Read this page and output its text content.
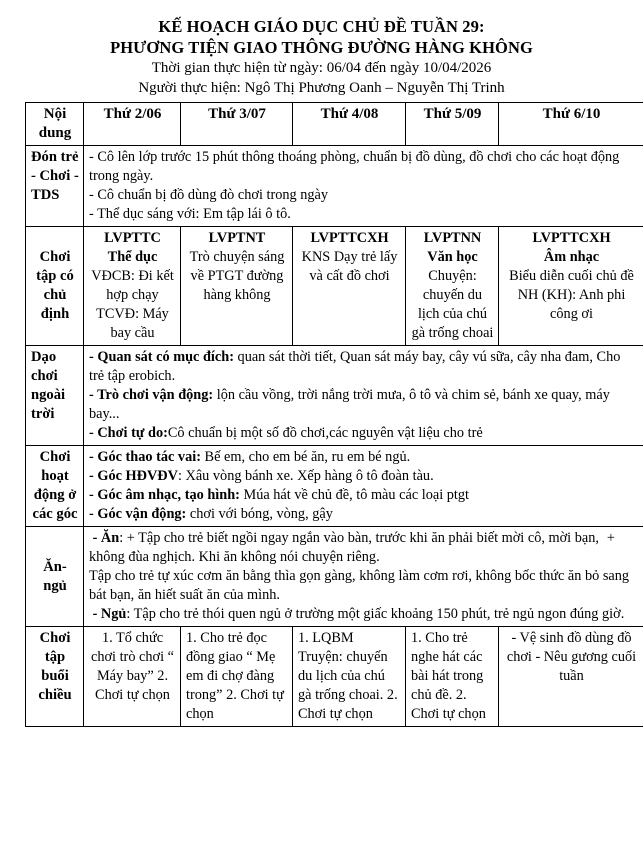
KẾ HOẠCH GIÁO DỤC CHỦ ĐỀ TUẦN 29:
PHƯƠNG TIỆN GIAO THÔNG ĐƯỜNG HÀNG KHÔNG
Thời gian thực hiện từ ngày: 06/04 đến ngày 10/04/2026
Người thực hiện: Ngô Thị Phương Oanh – Nguyễn Thị Trinh
Nội dung	Thứ 2/06	Thứ 3/07	Thứ 4/08	Thứ 5/09	Thứ 6/10
Đón trẻ - Chơi - TDS	- Cô lên lớp trước 15 phút thông thoáng phòng, chuẩn bị đồ dùng, đồ chơi cho các hoạt động trong ngày.
- Cô chuẩn bị đồ dùng đò chơi trong ngày
- Thể dục sáng với: Em tập lái ô tô.				

Chơi tập có chủ định	LVPTTC
Thể dục
VĐCB: Đi kết hợp chạy TCVĐ: Máy bay cầu	LVPTNT
Trò chuyện sáng về PTGT đường hàng không	LVPTTCXH
KNS Dạy trẻ lấy và cất đồ chơi	LVPTNN
Văn học
Chuyện: chuyến du lịch của chú gà trống choai	LVPTTCXH
Âm nhạc
Biểu diễn cuối chủ đề NH (KH): Anh phi công ơi
Dạo chơi ngoài trời	- Quan sát có mục đích: quan sát thời tiết, Quan sát máy bay, cây vú sữa, cây nha đam, Cho trẻ tập erobich.
- Trò chơi vận động: lộn cầu vồng, trời nắng trời mưa, ô tô và chim sẻ, bánh xe quay, máy bay...
- Chơi tự do:Cô chuẩn bị một số đồ chơi,các nguyên vật liệu cho trẻ				

Chơi hoạt động ở các góc	- Góc thao tác vai: Bế em, cho em bé ăn, ru em bé ngủ.
- Góc HĐVĐV: Xâu vòng bánh xe. Xếp hàng ô tô đoàn tàu.
- Góc âm nhạc, tạo hình: Múa hát về chủ đề, tô màu các loại ptgt
- Góc vận động: chơi với bóng, vòng, gậy				

Ăn- ngủ	+
- Ăn: + Tập cho trẻ biết ngồi ngay ngắn vào bàn, trước khi ăn phải biết mời cô, mời bạn, không đùa nghịch. Khi ăn không nói chuyện riêng.
Tập cho trẻ tự xúc cơm ăn bằng thìa gọn gàng, không làm cơm rơi, không bốc thức ăn bỏ sang bát bạn, ăn hiết suất ăn của mình.
- Ngủ: Tập cho trẻ thói quen ngủ ở trường một giấc khoảng 150 phút, trẻ ngủ ngon đúng giờ.				

Chơi tập buổi chiều	1. Tổ chức chơi trò chơi “ Máy bay” 2. Chơi tự chọn	1. Cho trẻ đọc đồng giao “ Mẹ em đi chợ đàng trong” 2. Chơi tự chọn	1. LQBM Truyện: chuyến du lịch của chú gà trống choai. 2. Chơi tự chọn	1. Cho trẻ nghe hát các bài hát trong chủ đề. 2. Chơi tự chọn	- Vệ sinh đồ dùng đồ chơi - Nêu gương cuối tuần
